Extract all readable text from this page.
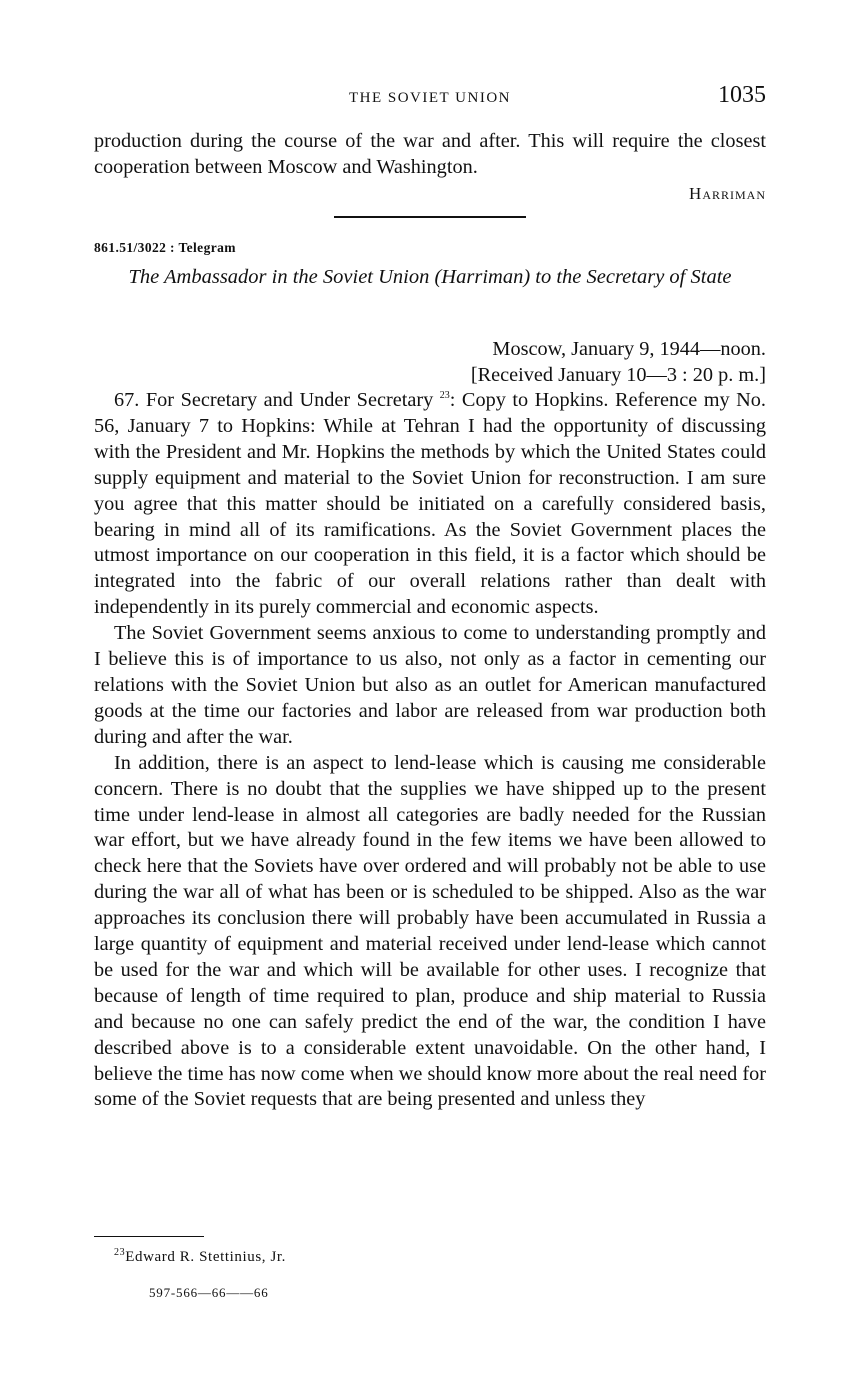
THE SOVIET UNION	1035

production during the course of the war and after. This will require the closest cooperation between Moscow and Washington.

Harriman
861.51/3022 : Telegram
The Ambassador in the Soviet Union (Harriman) to the Secretary of State
Moscow, January 9, 1944—noon.
[Received January 10—3 : 20 p. m.]

67. For Secretary and Under Secretary $^{23}$: Copy to Hopkins. Reference my No. 56, January 7 to Hopkins: While at Tehran I had the opportunity of discussing with the President and Mr. Hopkins the methods by which the United States could supply equipment and material to the Soviet Union for reconstruction. I am sure you agree that this matter should be initiated on a carefully considered basis, bearing in mind all of its ramifications. As the Soviet Government places the utmost importance on our cooperation in this field, it is a factor which should be integrated into the fabric of our overall relations rather than dealt with independently in its purely commercial and economic aspects.

The Soviet Government seems anxious to come to understanding promptly and I believe this is of importance to us also, not only as a factor in cementing our relations with the Soviet Union but also as an outlet for American manufactured goods at the time our factories and labor are released from war production both during and after the war.

In addition, there is an aspect to lend-lease which is causing me considerable concern. There is no doubt that the supplies we have shipped up to the present time under lend-lease in almost all categories are badly needed for the Russian war effort, but we have already found in the few items we have been allowed to check here that the Soviets have over ordered and will probably not be able to use during the war all of what has been or is scheduled to be shipped. Also as the war approaches its conclusion there will probably have been accumulated in Russia a large quantity of equipment and material received under lend-lease which cannot be used for the war and which will be available for other uses. I recognize that because of length of time required to plan, produce and ship material to Russia and because no one can safely predict the end of the war, the condition I have described above is to a considerable extent unavoidable. On the other hand, I believe the time has now come when we should know more about the real need for some of the Soviet requests that are being presented and unless they

$^{23}$Edward R. Stettinius, Jr.
597-566—66——66
